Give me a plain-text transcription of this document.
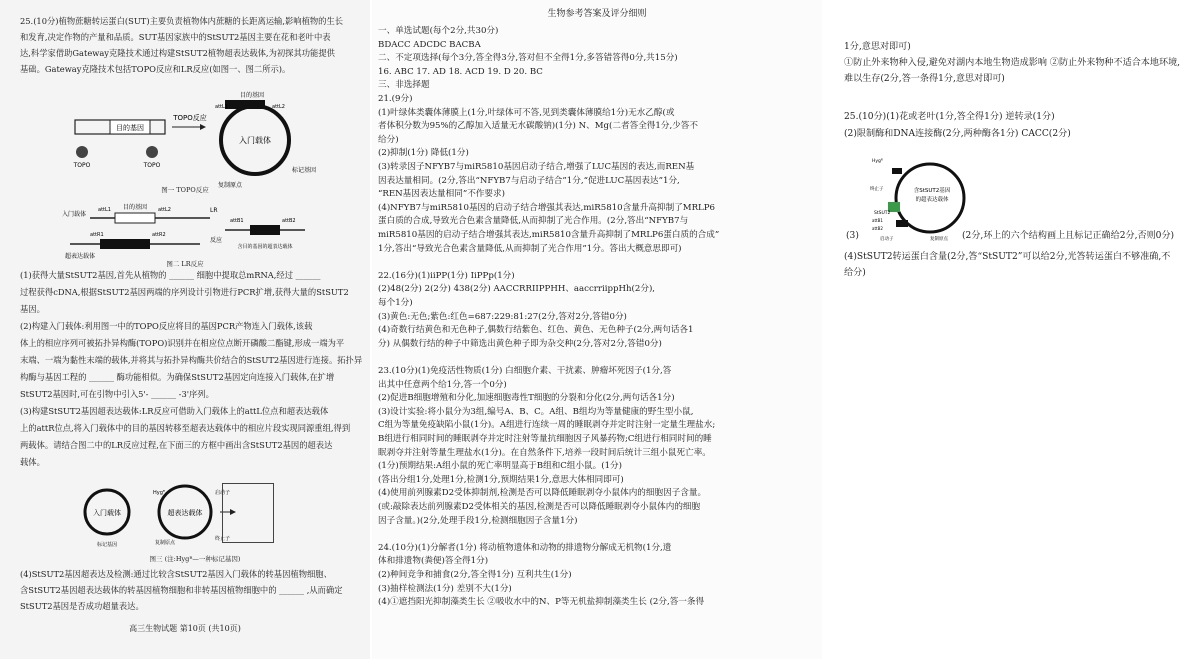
25.(10分)植物蔗糖转运蛋白(SUT)主要负责植物体内蔗糖的长距离运输,影响植物的生长
和发育,决定作物的产量和品质。SUT基因家族中的StSUT2基因主要在花和老叶中表
达,科学家借助Gateway克隆技术通过构建StSUT2植物超表达载体,为初探其功能提供
基础。Gateway克隆技术包括TOPO反应和LR反应(如图一、图二所示)。
目的基因
TOPO	TOPO
TOPO反应
入门载体
目的基因
复制原点
标记基因
attL1	attL2
图一 TOPO反应
入门载体
目的基因
attL1	attL2	LR
反应
超表达载体
attR1	attR2
attB1	attB2
含目的基因的超表达载体
图二 LR反应
(1)获得大量StSUT2基因,首先从植物的 ______ 细胞中提取总mRNA,经过 ______
过程获得cDNA,根据StSUT2基因两端的序列设计引物进行PCR扩增,获得大量的StSUT2
基因。
(2)构建入门载体:利用图一中的TOPO反应将目的基因PCR产物连入门载体,该载
体上的相应序列可被拓扑异构酶(TOPO)识别并在相应位点断开磷酸二酯键,形成一端为平
末端、一端为黏性末端的载体,并将其与拓扑异构酶共价结合的StSUT2基因进行连接。拓扑异
构酶与基因工程的 ______ 酶功能相似。为确保StSUT2基因定向连接入门载体,在扩增
StSUT2基因时,可在引物中引入5'- ______ -3'序列。
(3)构建StSUT2基因超表达载体:LR反应可借助入门载体上的attL位点和超表达载体
上的attR位点,将入门载体中的目的基因转移至超表达载体中的相应片段实现同源重组,得到
两载体。请结合图二中的LR反应过程,在下面三的方框中画出含StSUT2基因的超表达
载体。
入门载体
标记基因
超表达载体
Hygᴿ	启动子
终止子
复制原点
图三 (注:Hygᴿ—一种标记基因)
(4)StSUT2基因超表达及检测:通过比较含StSUT2基因入门载体的转基因植物细胞、
含StSUT2基因超表达载体的转基因植物细胞和非转基因植物细胞中的 ______ ,从而确定
StSUT2基因是否成功超量表达。
高三生物试题 第10页 (共10页)
生物参考答案及评分细则
一、单选试题(每个2分,共30分)
BDACC ADCDC BACBA
二、不定项选择(每个3分,答全得3分,答对但不全得1分,多答错答得0分,共15分)
16. ABC 17. AD 18. ACD 19. D 20. BC
三、非选择题
21.(9分)
(1)叶绿体类囊体薄膜上(1分,叶绿体可不答,见到类囊体薄膜给1分)无水乙醇(或
者体积分数为95%的乙醇加入适量无水碳酸钠)(1分) N、Mg(二者答全得1分,少答不
给分)
(2)抑制(1分) 降低(1分)
(3)转录因子NFYB7与miR5810基因启动子结合,增强了LUC基因的表达,而REN基
因表达量相同。(2分,答出“NFYB7与启动子结合”1分,“促进LUC基因表达”1分,
“REN基因表达量相同”不作要求)
(4)NFYB7与miR5810基因的启动子结合增强其表达,miR5810含量升高抑制了MRLP6
蛋白质的合成,导致光合色素含量降低,从而抑制了光合作用。(2分,答出“NFYB7与
miR5810基因的启动子结合增强其表达,miR5810含量升高抑制了MRLP6蛋白质的合成”
1分,答出“导致光合色素含量降低,从而抑制了光合作用”1分。答出大概意思即可)
22.(16分)(1)iiPP(1分) IiPPp(1分)
(2)48(2分) 2(2分) 438(2分) AACCRRIIPPHH、aaccrriippHh(2分),
每个1分)
(3)黄色:无色;紫色:红色=687:229:81:27(2分,答对2分,答错0分)
(4)奇数行结黄色和无色种子,偶数行结紫色、红色、黄色、无色种子(2分,两句话各1
分) 从偶数行结的种子中筛选出黄色种子即为杂交种(2分,答对2分,答错0分)
23.(10分)(1)免疫活性物质(1分) 白细胞介素、干扰素、肿瘤坏死因子(1分,答
出其中任意两个给1分,答一个0分)
(2)促进B细胞增殖和分化,加速细胞毒性T细胞的分裂和分化(2分,两句话各1分)
(3)设计实验:将小鼠分为3组,编号A、B、C。A组、B组均为等量健康的野生型小鼠,
C组为等量免疫缺陷小鼠(1分)。A组进行连续一周的睡眠剥夺并定时注射一定量生理盐水;
B组进行相同时间的睡眠剥夺并定时注射等量抗细胞因子风暴药物;C组进行相同时间的睡
眠剥夺并注射等量生理盐水(1分)。在自然条件下,培养一段时间后统计三组小鼠死亡率。
(1分)预期结果:A组小鼠的死亡率明显高于B组和C组小鼠。(1分)
(答出分组1分,处理1分,检测1分,预期结果1分,意思大体相同即可)
(4)使用前列腺素D2受体抑制剂,检测是否可以降低睡眠剥夺小鼠体内的细胞因子含量。
(或:敲除表达前列腺素D2受体相关的基因,检测是否可以降低睡眠剥夺小鼠体内的细胞
因子含量。)(2分,处理手段1分,检测细胞因子含量1分)
24.(10分)(1)分解者(1分) 将动植物遗体和动物的排遗物分解成无机物(1分,遗
体和排遗物(粪便)答全得1分)
(2)种间竞争和捕食(2分,答全得1分) 互利共生(1分)
(3)抽样检测法(1分) 差别不大(1分)
(4)①遮挡阳光抑制藻类生长 ②吸收水中的N、P等无机盐抑制藻类生长 (2分,答一条得
1分,意思对即可)
①防止外来物种入侵,避免对湖内本地生物造成影响 ②防止外来物种不适合本地环境,
难以生存(2分,答一条得1分,意思对即可)
25.(10分)(1)花或老叶(1分,答全得1分) 逆转录(1分)
(2)限制酶和DNA连接酶(2分,两种酶各1分) CACC(2分)
含StSUT2基因
的超表达载体
Hygᴿ
终止子
StSUT2
attB1
attB2
启动子	复制原点
(3)	(2分,环上的六个结构画上且标记正确给2分,否则0分)
(4)StSUT2转运蛋白含量(2分,答“StSUT2”可以给2分,光答转运蛋白不够准确,不
给分)
